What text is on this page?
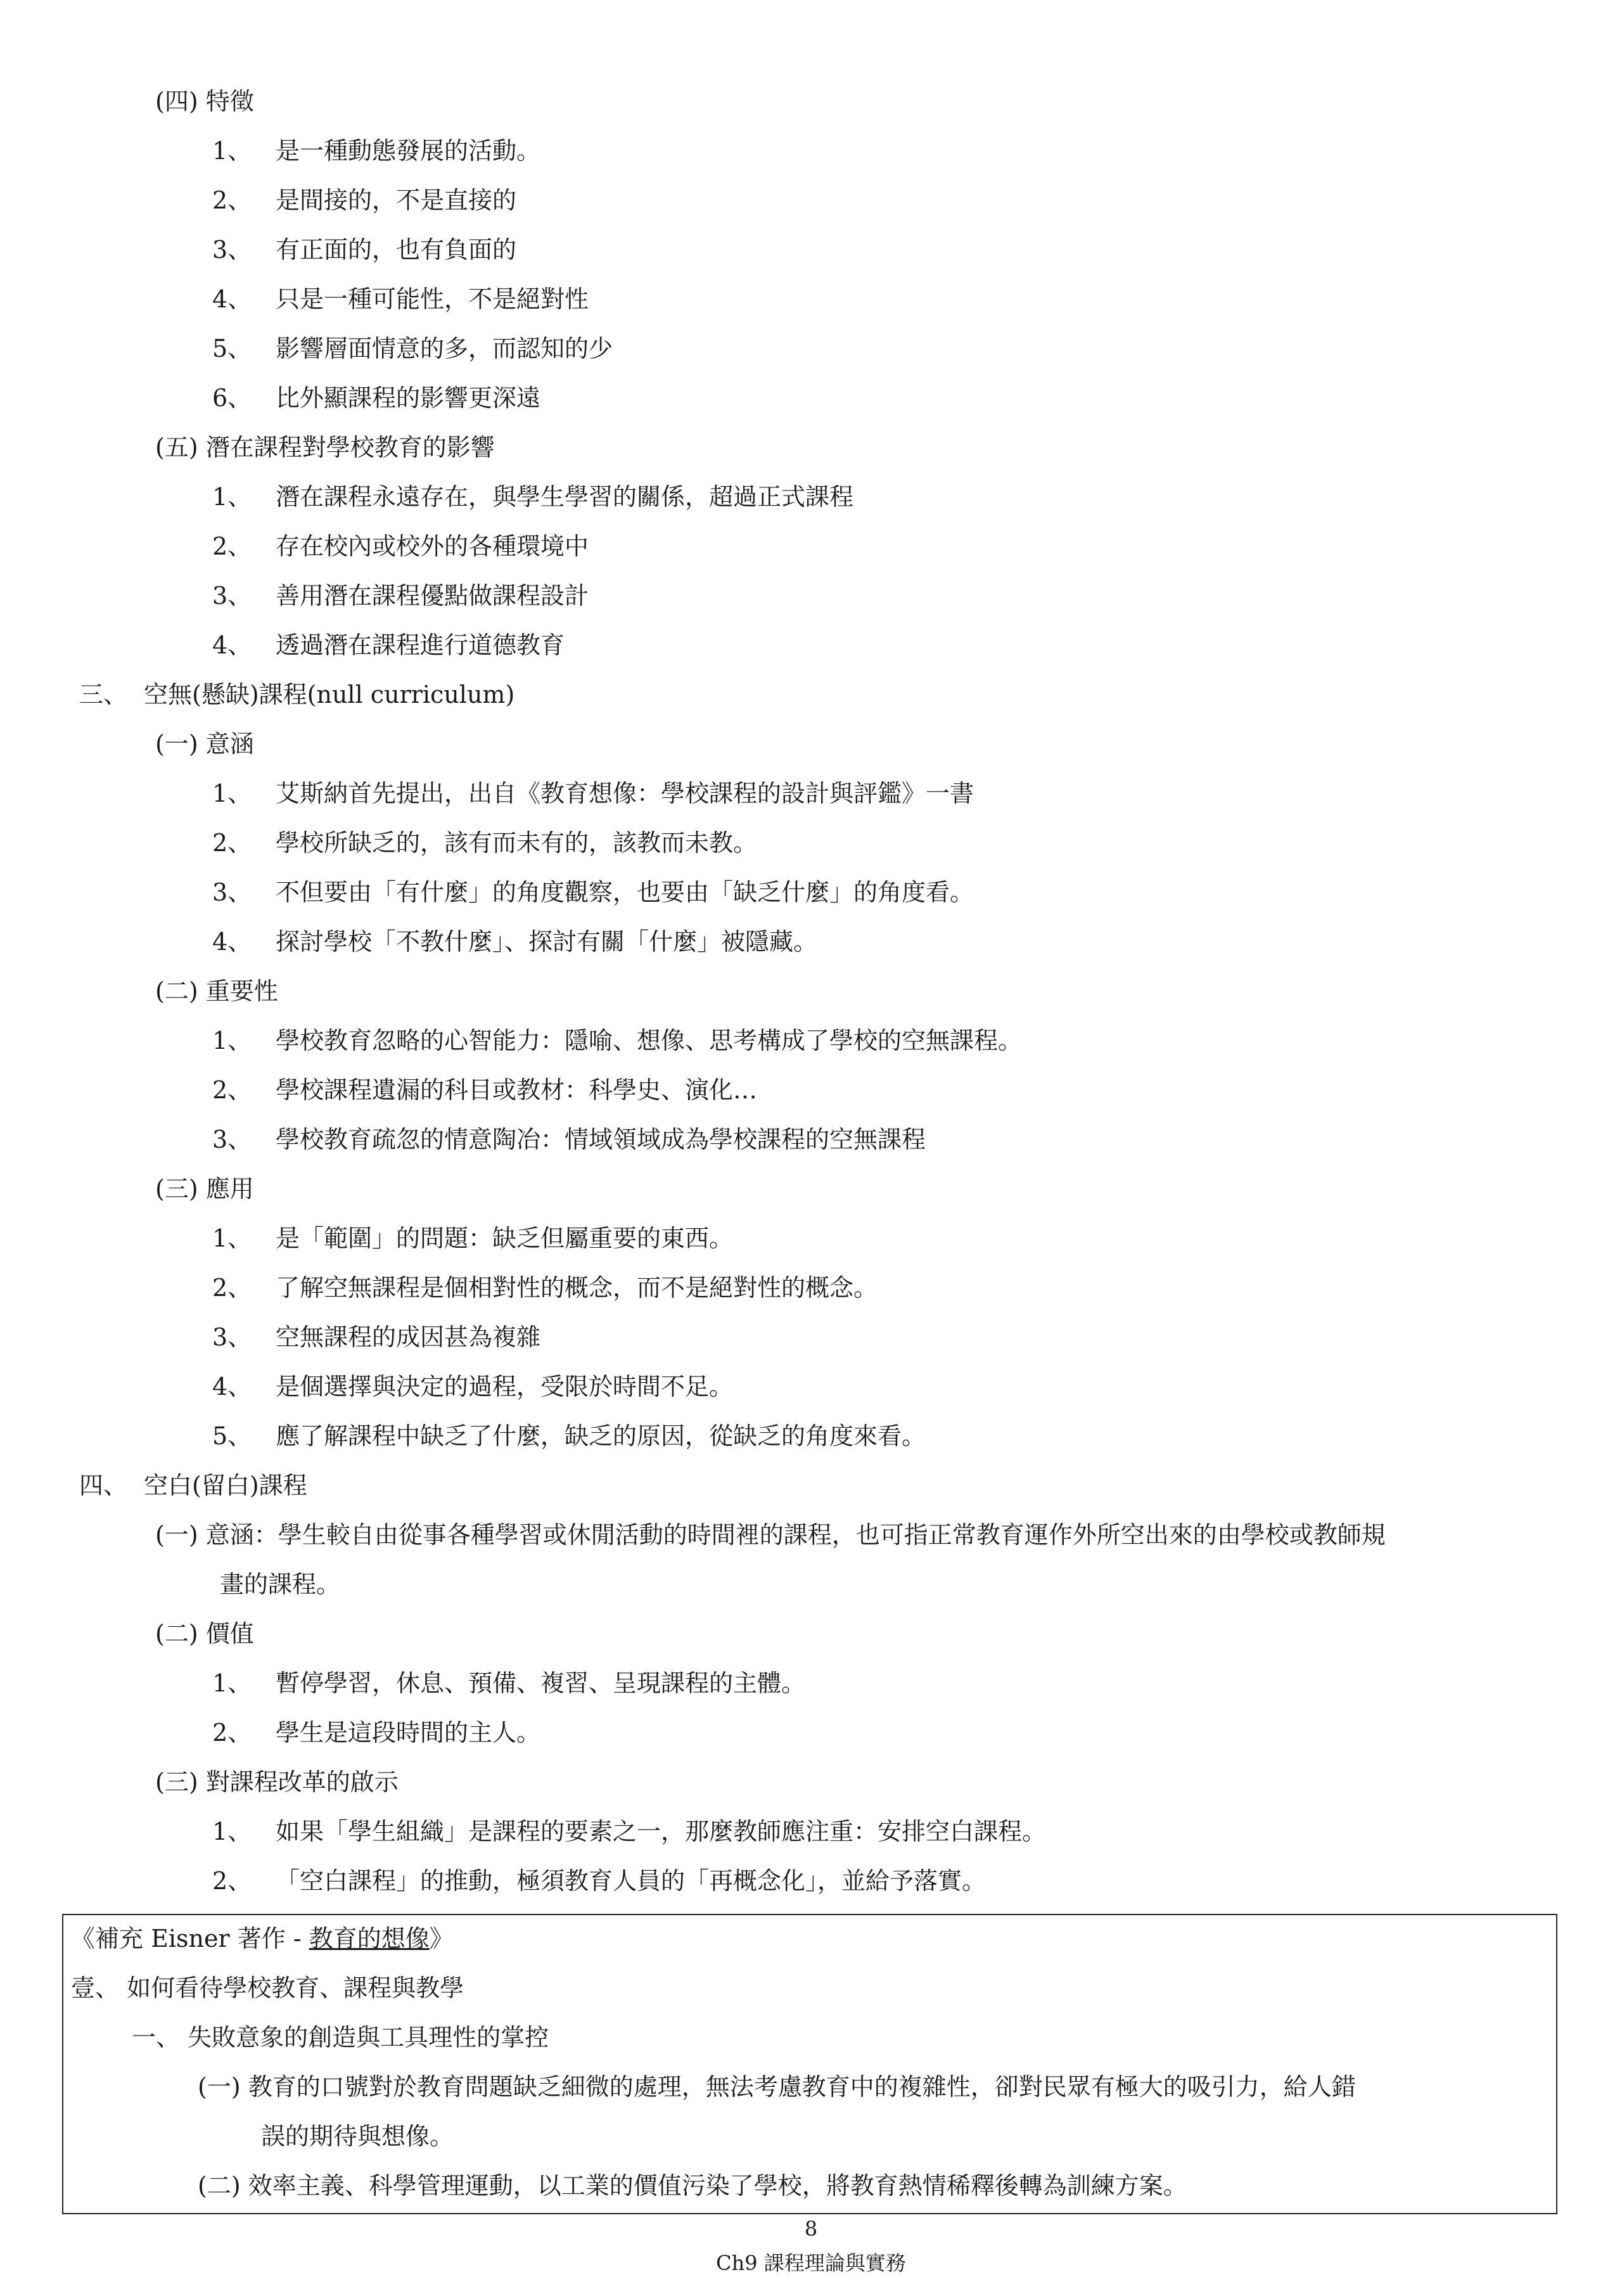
(四) 特徵
1、 是一種動態發展的活動。
2、 是間接的，不是直接的
3、 有正面的，也有負面的
4、 只是一種可能性，不是絕對性
5、 影響層面情意的多，而認知的少
6、 比外顯課程的影響更深遠
(五) 潛在課程對學校教育的影響
1、 潛在課程永遠存在，與學生學習的關係，超過正式課程
2、 存在校內或校外的各種環境中
3、 善用潛在課程優點做課程設計
4、 透過潛在課程進行道德教育
三、 空無(懸缺)課程(null curriculum)
(一) 意涵
1、 艾斯納首先提出，出自《教育想像：學校課程的設計與評鑑》一書
2、 學校所缺乏的，該有而未有的，該教而未教。
3、 不但要由「有什麼」的角度觀察，也要由「缺乏什麼」的角度看。
4、 探討學校「不教什麼」、探討有關「什麼」被隱藏。
(二) 重要性
1、 學校教育忽略的心智能力：隱喻、想像、思考構成了學校的空無課程。
2、 學校課程遺漏的科目或教材：科學史、演化…
3、 學校教育疏忽的情意陶冶：情域領域成為學校課程的空無課程
(三) 應用
1、 是「範圍」的問題：缺乏但屬重要的東西。
2、 了解空無課程是個相對性的概念，而不是絕對性的概念。
3、 空無課程的成因甚為複雜
4、 是個選擇與決定的過程，受限於時間不足。
5、 應了解課程中缺乏了什麼，缺乏的原因，從缺乏的角度來看。
四、 空白(留白)課程
(一) 意涵：學生較自由從事各種學習或休閒活動的時間裡的課程，也可指正常教育運作外所空出來的由學校或教師規
畫的課程。
(二) 價值
1、 暫停學習，休息、預備、複習、呈現課程的主體。
2、 學生是這段時間的主人。
(三) 對課程改革的啟示
1、 如果「學生組織」是課程的要素之一，那麼教師應注重：安排空白課程。
2、 「空白課程」的推動，極須教育人員的「再概念化」，並給予落實。
《補充 Eisner 著作 - 教育的想像》
壹、 如何看待學校教育、課程與教學
一、 失敗意象的創造與工具理性的掌控
(一) 教育的口號對於教育問題缺乏細微的處理，無法考慮教育中的複雜性，卻對民眾有極大的吸引力，給人錯
誤的期待與想像。
(二) 效率主義、科學管理運動，以工業的價值污染了學校，將教育熱情稀釋後轉為訓練方案。
8
Ch9 課程理論與實務
